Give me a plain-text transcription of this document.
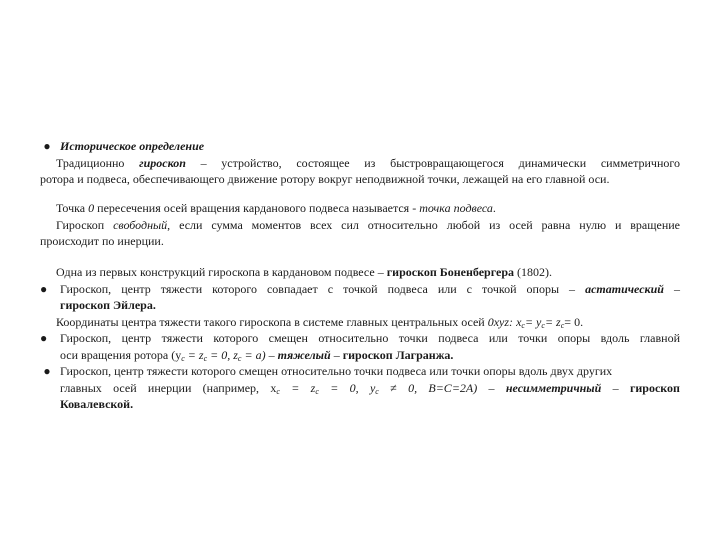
● Историческое определение
Традиционно гироскоп – устройство, состоящее из быстровращающегося динамически симметричного
ротора и подвеса, обеспечивающего движение ротору вокруг неподвижной точки, лежащей на его главной оси.
Точка 0 пересечения осей вращения карданового подвеса называется - точка подвеса.
Гироскоп свободный, если сумма моментов всех сил относительно любой из осей равна нулю и вращение
происходит по инерции.
Одна из первых конструкций гироскопа в кардановом подвесе – гироскоп Боненбергера (1802).
●	Гироскоп, центр тяжести которого совпадает с точкой подвеса или с точкой опоры – астатический –
гироскоп Эйлера.
Координаты центра тяжести такого гироскопа в системе главных центральных осей 0xyz: $x_c= y_c= z_c= 0$.
●	Гироскоп, центр тяжести которого смещен относительно точки подвеса или точки опоры вдоль главной
оси вращения ротора ($y_c = z_c = 0$, $z_c = a$) – тяжелый – гироскоп Лагранжа.
● Гироскоп, центр тяжести которого смещен относительно точки подвеса или точки опоры вдоль двух других
главных осей инерции (например, $x_c = z_c = 0$, $y_c \ne 0$, B=C=2A) – несимметричный – гироскоп
Ковалевской.
